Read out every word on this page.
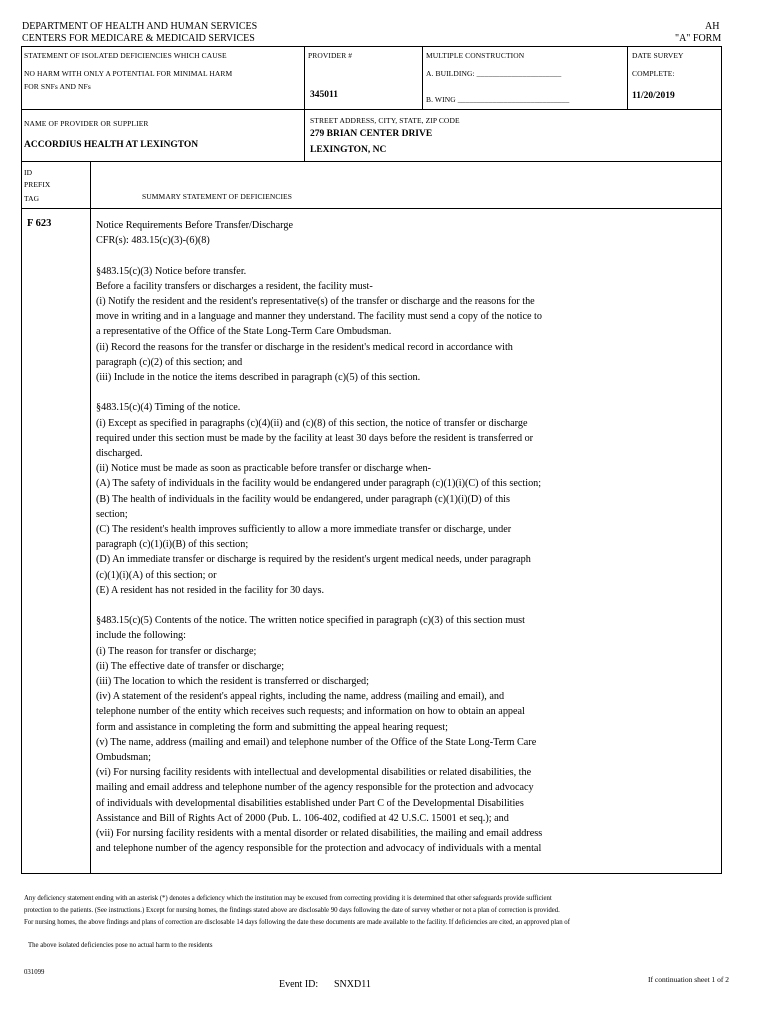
DEPARTMENT OF HEALTH AND HUMAN SERVICES
CENTERS FOR MEDICARE & MEDICAID SERVICES
AH
"A" FORM
STATEMENT OF ISOLATED DEFICIENCIES WHICH CAUSE
NO HARM WITH ONLY A POTENTIAL FOR MINIMAL HARM
FOR SNFs AND NFs
PROVIDER #
345011
MULTIPLE CONSTRUCTION
A. BUILDING: ______________________
B. WING _____________________________
DATE SURVEY
COMPLETE:
11/20/2019
NAME OF PROVIDER OR SUPPLIER
ACCORDIUS HEALTH AT LEXINGTON
STREET ADDRESS, CITY, STATE, ZIP CODE
279 BRIAN CENTER DRIVE
LEXINGTON, NC
ID
PREFIX
TAG	SUMMARY STATEMENT OF DEFICIENCIES
F 623	Notice Requirements Before Transfer/Discharge
CFR(s): 483.15(c)(3)-(6)(8)
§483.15(c)(3) Notice before transfer.
Before a facility transfers or discharges a resident, the facility must-
(i) Notify the resident and the resident's representative(s) of the transfer or discharge and the reasons for the
move in writing and in a language and manner they understand. The facility must send a copy of the notice to
a representative of the Office of the State Long-Term Care Ombudsman.
(ii) Record the reasons for the transfer or discharge in the resident's medical record in accordance with
paragraph (c)(2) of this section; and
(iii) Include in the notice the items described in paragraph (c)(5) of this section.
§483.15(c)(4) Timing of the notice.
(i) Except as specified in paragraphs (c)(4)(ii) and (c)(8) of this section, the notice of transfer or discharge
required under this section must be made by the facility at least 30 days before the resident is transferred or
discharged.
(ii) Notice must be made as soon as practicable before transfer or discharge when-
(A) The safety of individuals in the facility would be endangered under paragraph (c)(1)(i)(C) of this section;
(B) The health of individuals in the facility would be endangered, under paragraph (c)(1)(i)(D) of this
section;
(C) The resident's health improves sufficiently to allow a more immediate transfer or discharge, under
paragraph (c)(1)(i)(B) of this section;
(D) An immediate transfer or discharge is required by the resident's urgent medical needs, under paragraph
(c)(1)(i)(A) of this section; or
(E) A resident has not resided in the facility for 30 days.
§483.15(c)(5) Contents of the notice. The written notice specified in paragraph (c)(3) of this section must
include the following:
(i) The reason for transfer or discharge;
(ii) The effective date of transfer or discharge;
(iii) The location to which the resident is transferred or discharged;
(iv) A statement of the resident's appeal rights, including the name, address (mailing and email), and
telephone number of the entity which receives such requests; and information on how to obtain an appeal
form and assistance in completing the form and submitting the appeal hearing request;
(v) The name, address (mailing and email) and telephone number of the Office of the State Long-Term Care
Ombudsman;
(vi) For nursing facility residents with intellectual and developmental disabilities or related disabilities, the
mailing and email address and telephone number of the agency responsible for the protection and advocacy
of individuals with developmental disabilities established under Part C of the Developmental Disabilities
Assistance and Bill of Rights Act of 2000 (Pub. L. 106-402, codified at 42 U.S.C. 15001 et seq.); and
(vii) For nursing facility residents with a mental disorder or related disabilities, the mailing and email address
and telephone number of the agency responsible for the protection and advocacy of individuals with a mental
Any deficiency statement ending with an asterisk (*) denotes a deficiency which the institution may be excused from correcting providing it is determined that other safeguards provide sufficient
protection to the patients. (See instructions.) Except for nursing homes, the findings stated above are disclosable 90 days following the date of survey whether or not a plan of correction is provided.
For nursing homes, the above findings and plans of correction are disclosable 14 days following the date these documents are made available to the facility. If deficiencies are cited, an approved plan of
The above isolated deficiencies pose no actual harm to the residents
031099
Event ID: SNXD11	If continuation sheet 1 of 2
